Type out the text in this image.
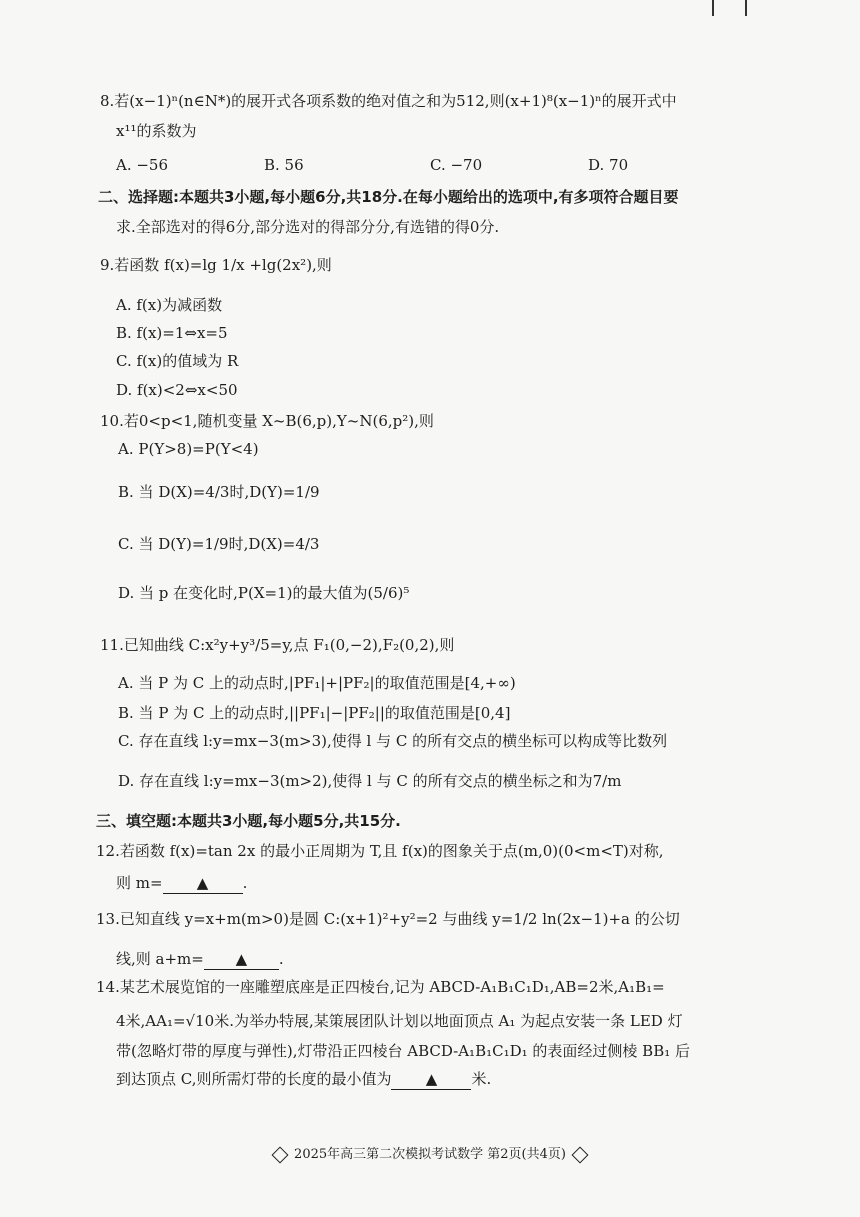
8.若(x−1)ⁿ(n∈N*)的展开式各项系数的绝对值之和为512,则(x+1)⁸(x−1)ⁿ的展开式中
x¹¹的系数为
A. −56	B. 56	C. −70	D. 70
二、选择题:本题共3小题,每小题6分,共18分.在每小题给出的选项中,有多项符合题目要
求.全部选对的得6分,部分选对的得部分分,有选错的得0分.
9.若函数 f(x)=lg 1/x +lg(2x²),则
A. f(x)为减函数
B. f(x)=1⇔x=5
C. f(x)的值域为 R
D. f(x)<2⇔x<50
10.若0<p<1,随机变量 X~B(6,p),Y~N(6,p²),则
A. P(Y>8)=P(Y<4)
B. 当 D(X)=4/3时,D(Y)=1/9
C. 当 D(Y)=1/9时,D(X)=4/3
D. 当 p 在变化时,P(X=1)的最大值为(5/6)⁵
11.已知曲线 C:x²y+y³/5=y,点 F₁(0,−2),F₂(0,2),则
A. 当 P 为 C 上的动点时,|PF₁|+|PF₂|的取值范围是[4,+∞)
B. 当 P 为 C 上的动点时,||PF₁|−|PF₂||的取值范围是[0,4]
C. 存在直线 l:y=mx−3(m>3),使得 l 与 C 的所有交点的横坐标可以构成等比数列
D. 存在直线 l:y=mx−3(m>2),使得 l 与 C 的所有交点的横坐标之和为7/m
三、填空题:本题共3小题,每小题5分,共15分.
12.若函数 f(x)=tan 2x 的最小正周期为 T,且 f(x)的图象关于点(m,0)(0<m<T)对称,
则 m= ▲ .
13.已知直线 y=x+m(m>0)是圆 C:(x+1)²+y²=2 与曲线 y=1/2 ln(2x−1)+a 的公切
线,则 a+m= ▲ .
14.某艺术展览馆的一座雕塑底座是正四棱台,记为 ABCD-A₁B₁C₁D₁,AB=2米,A₁B₁=
4米,AA₁=√10米.为举办特展,某策展团队计划以地面顶点 A₁ 为起点安装一条 LED 灯
带(忽略灯带的厚度与弹性),灯带沿正四棱台 ABCD-A₁B₁C₁D₁ 的表面经过侧棱 BB₁ 后
到达顶点 C,则所需灯带的长度的最小值为 ▲ 米.
2025年高三第二次模拟考试数学 第2页(共4页)
